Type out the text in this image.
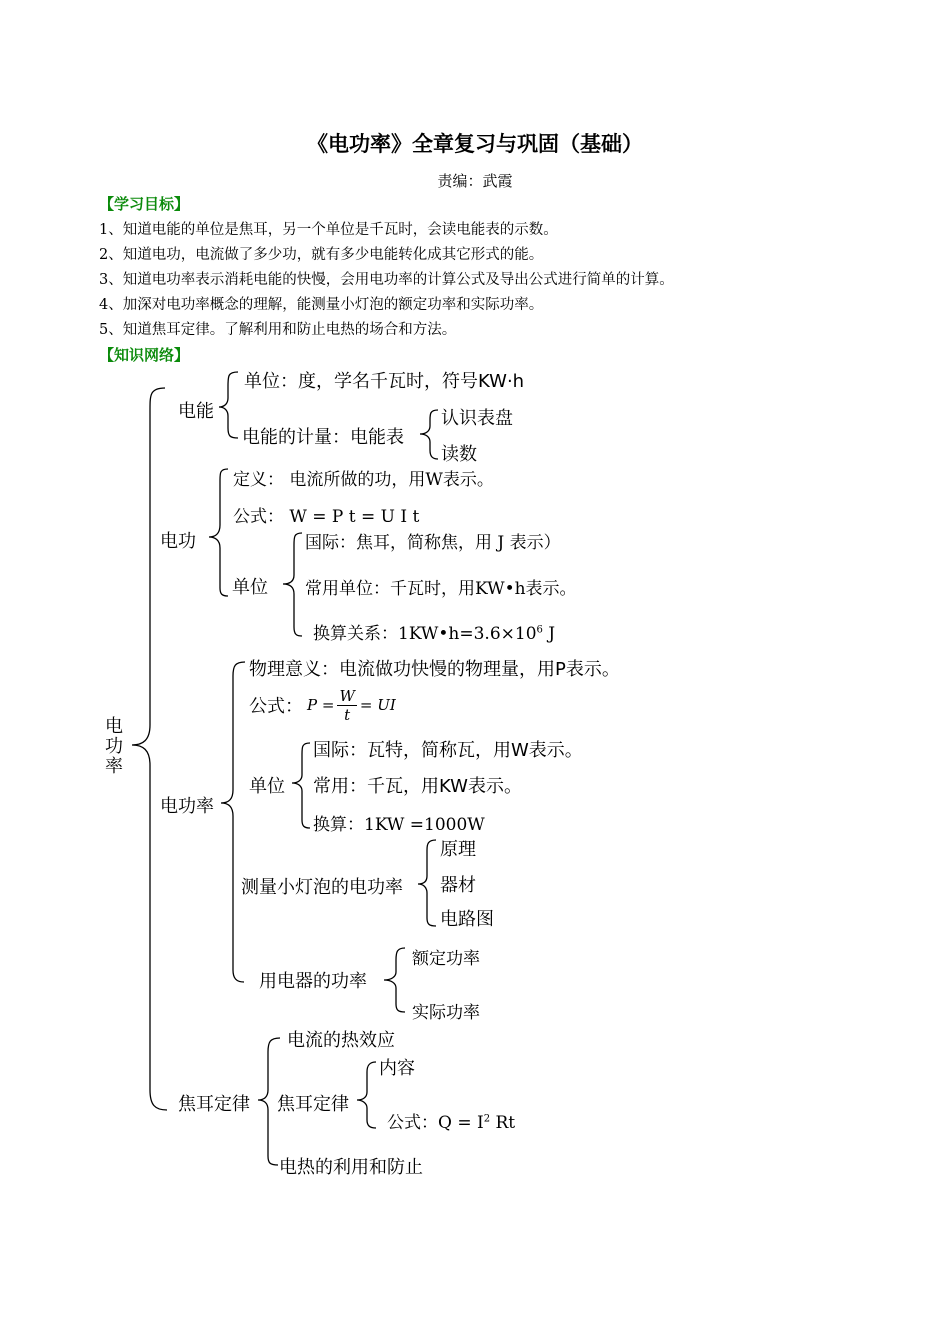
《电功率》全章复习与巩固（基础）
责编：武霞
【学习目标】
1、知道电能的单位是焦耳，另一个单位是千瓦时，会读电能表的示数。
2、知道电功，电流做了多少功，就有多少电能转化成其它形式的能。
3、知道电功率表示消耗电能的快慢，会用电功率的计算公式及导出公式进行简单的计算。
4、加深对电功率概念的理解，能测量小灯泡的额定功率和实际功率。
5、知道焦耳定律。了解利用和防止电热的场合和方法。
【知识网络】
电功率
电能
单位：度，学名千瓦时，符号KW·h
电能的计量：电能表
认识表盘
读数
电功
定义： 电流所做的功，用W表示。
公式： W = P t = U I t
单位
国际：焦耳，简称焦，用 J 表示）
常用单位：千瓦时，用KW•h表示。
换算关系：$1KW•h=3.6\times 10^6$ J
电功率
物理意义：电流做功快慢的物理量，用P表示。
公式： $P = \frac{W}{t}$ = UI
单位
国际：瓦特，简称瓦，用W表示。
常用：千瓦，用KW表示。
换算：1KW =1000W
测量小灯泡的电功率
原理
器材
电路图
用电器的功率
额定功率
实际功率
焦耳定律
电流的热效应
焦耳定律
内容
公式：$Q = I^2$ Rt
电热的利用和防止
